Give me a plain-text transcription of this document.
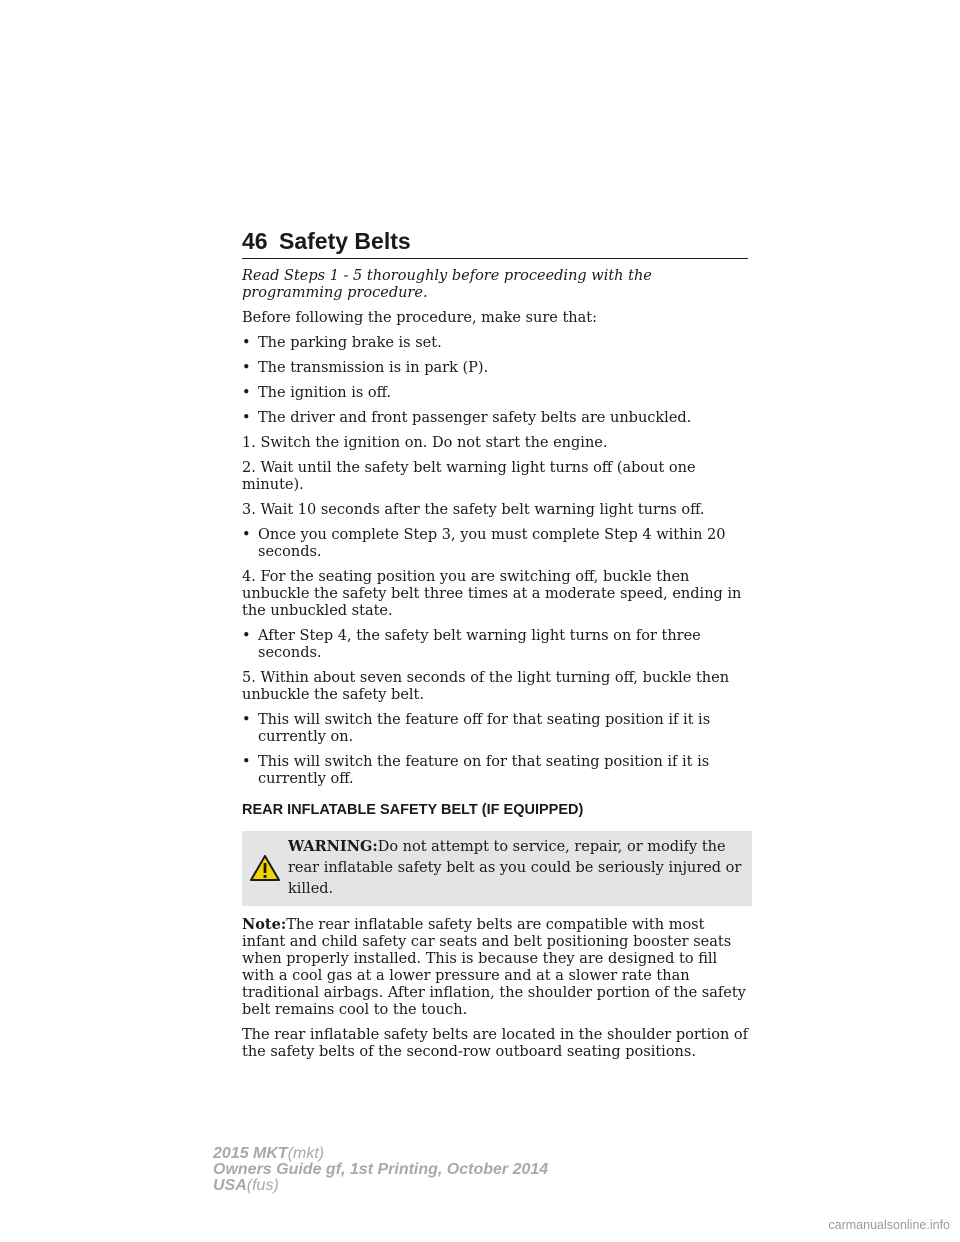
46 Safety Belts

Read Steps 1 - 5 thoroughly before proceeding with the programming procedure.

Before following the procedure, make sure that:

• The parking brake is set.
• The transmission is in park (P).
• The ignition is off.
• The driver and front passenger safety belts are unbuckled.

1. Switch the ignition on. Do not start the engine.

2. Wait until the safety belt warning light turns off (about one minute).

3. Wait 10 seconds after the safety belt warning light turns off.

• Once you complete Step 3, you must complete Step 4 within 20 seconds.

4. For the seating position you are switching off, buckle then unbuckle the safety belt three times at a moderate speed, ending in the unbuckled state.

• After Step 4, the safety belt warning light turns on for three seconds.

5. Within about seven seconds of the light turning off, buckle then unbuckle the safety belt.

• This will switch the feature off for that seating position if it is currently on.
• This will switch the feature on for that seating position if it is currently off.
REAR INFLATABLE SAFETY BELT (IF EQUIPPED)
WARNING:Do not attempt to service, repair, or modify the rear inflatable safety belt as you could be seriously injured or killed.

Note:The rear inflatable safety belts are compatible with most infant and child safety car seats and belt positioning booster seats when properly installed. This is because they are designed to fill with a cool gas at a lower pressure and at a slower rate than traditional airbags. After inflation, the shoulder portion of the safety belt remains cool to the touch.

The rear inflatable safety belts are located in the shoulder portion of the safety belts of the second-row outboard seating positions.

2015 MKT(mkt)
Owners Guide gf, 1st Printing, October 2014
USA(fus)
carmanualsonline.info
